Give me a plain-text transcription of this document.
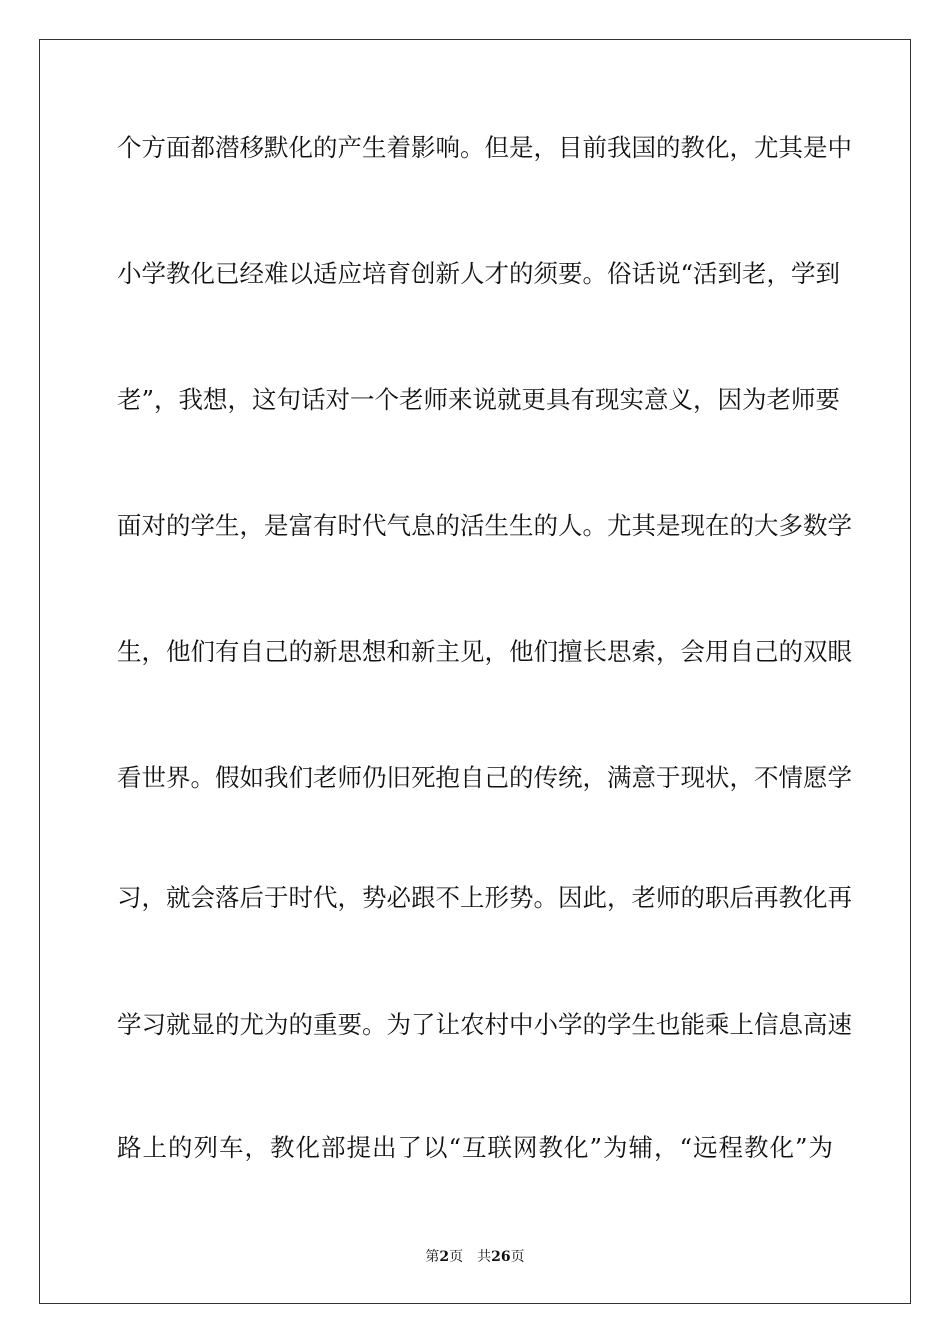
个方面都潜移默化的产生着影响。但是，目前我国的教化，尤其是中
小学教化已经难以适应培育创新人才的须要。俗话说“活到老，学到
老”，我想，这句话对一个老师来说就更具有现实意义，因为老师要
面对的学生，是富有时代气息的活生生的人。尤其是现在的大多数学
生，他们有自己的新思想和新主见，他们擅长思索，会用自己的双眼
看世界。假如我们老师仍旧死抱自己的传统，满意于现状，不情愿学
习，就会落后于时代，势必跟不上形势。因此，老师的职后再教化再
学习就显的尤为的重要。为了让农村中小学的学生也能乘上信息高速
路上的列车，教化部提出了以“互联网教化”为辅，“远程教化”为
第2页 共26页
